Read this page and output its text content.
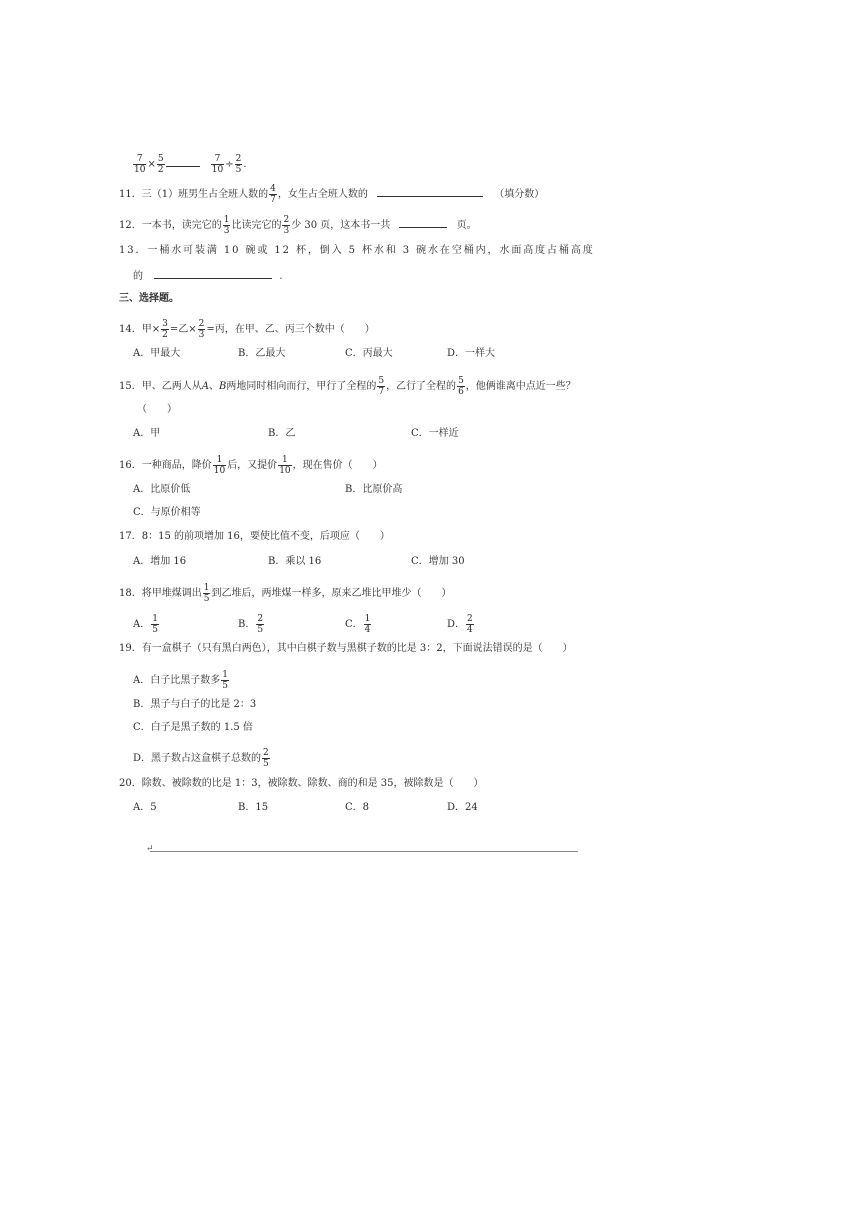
$\frac{7}{10} \times \frac{5}{2}$
	$\frac{7}{10} \div \frac{2}{5}$ .
11．三（1）班男生占全班人数的 $\frac{4}{7}$ ，女生占全班人数的	（填分数）
12．一本书，读完它的 $\frac{1}{3}$ 比读完它的 $\frac{2}{3}$ 少 30 页，这本书一共	页。
13．一桶水可装满 10 碗或 12 杯，倒入 5 杯水和 3 碗水在空桶内，水面高度占桶高度
的	.
三、选择题。
14．甲× $\frac{3}{2}$ =乙× $\frac{2}{3}$ =丙，在甲、乙、丙三个数中（　　）
A．甲最大	B．乙最大	C．丙最大	D．一样大
15．甲、乙两人从A、B两地同时相向而行，甲行了全程的 $\frac{5}{7}$ ，乙行了全程的 $\frac{5}{6}$ ，他俩谁离中点近一些？
（　　）
A．甲	B．乙	C．一样近
16．一种商品，降价 $\frac{1}{10}$ 后，又提价 $\frac{1}{10}$ ，现在售价（　　）
A．比原价低	B．比原价高
C．与原价相等
17．8：15 的前项增加 16，要使比值不变，后项应（　　）
A．增加 16	B．乘以 16	C．增加 30
18．将甲堆煤调出 $\frac{1}{5}$ 到乙堆后，两堆煤一样多，原来乙堆比甲堆少（　　）
A． $\frac{1}{5}$	B． $\frac{2}{5}$	C． $\frac{1}{4}$	D． $\frac{2}{4}$
19．有一盒棋子（只有黑白两色），其中白棋子数与黑棋子数的比是 3：2，下面说法错误的是（　　）
A．白子比黑子数多 $\frac{1}{5}$
B．黑子与白子的比是 2：3
C．白子是黑子数的 1.5 倍
D．黑子数占这盒棋子总数的 $\frac{2}{5}$
20．除数、被除数的比是 1：3，被除数、除数、商的和是 35，被除数是（　　）
A．5	B．15	C．8	D．24
↵
